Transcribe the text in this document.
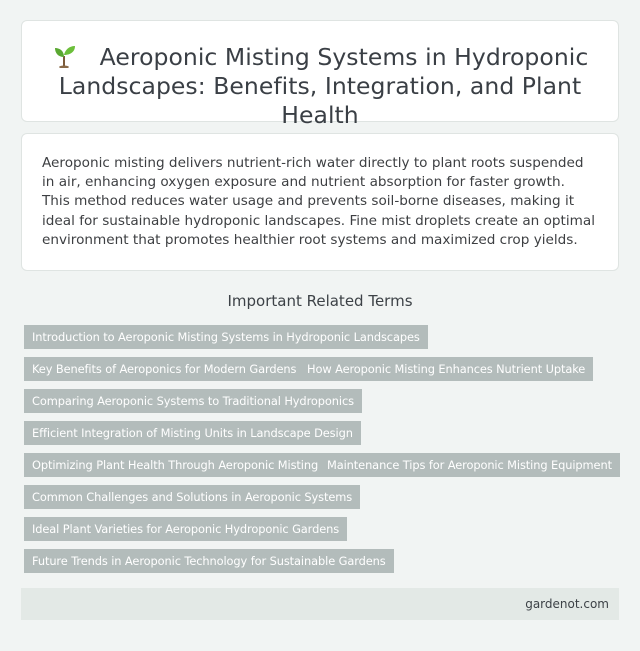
Aeroponic Misting Systems in Hydroponic
Landscapes: Benefits, Integration, and Plant Health
Aeroponic misting delivers nutrient-rich water directly to plant roots suspended in air, enhancing oxygen exposure and nutrient absorption for faster growth. This method reduces water usage and prevents soil-borne diseases, making it ideal for sustainable hydroponic landscapes. Fine mist droplets create an optimal environment that promotes healthier root systems and maximized crop yields.
Important Related Terms
Introduction to Aeroponic Misting Systems in Hydroponic Landscapes
Key Benefits of Aeroponics for Modern Gardens How Aeroponic Misting Enhances Nutrient Uptake
Comparing Aeroponic Systems to Traditional Hydroponics
Efficient Integration of Misting Units in Landscape Design
Optimizing Plant Health Through Aeroponic Misting Maintenance Tips for Aeroponic Misting Equipment
Common Challenges and Solutions in Aeroponic Systems
Ideal Plant Varieties for Aeroponic Hydroponic Gardens
Future Trends in Aeroponic Technology for Sustainable Gardens
gardenot.com
